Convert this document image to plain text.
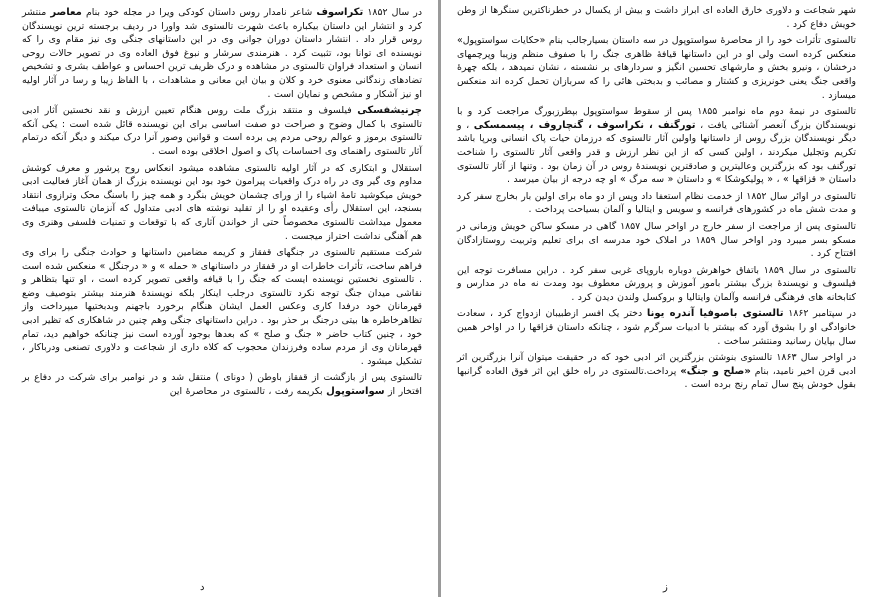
در سال ۱۸۵۲ تکراسوف شاعر نامدار روس داستان کودکی ویرا در مجله خود بنام معاصر منتشر کرد و انتشار این داستان بیکباره باعث شهرت تالستوی شد واورا در ردیف برجسته ترین نویسندگان روس قرار داد . انتشار داستان دوران جوانی وی در این داستانهای جنگی وی نیز مقام وی را که نویسنده ای توانا بود، تثبیت کرد . هنرمندی سرشار و نبوغ فوق العاده وی در تصویر حالات روحی انسان و استعداد فراوان تالستوی در مشاهده و درک ظریف ترین احساس و عواطف بشری و تشخیص تضادهای زندگانی معنوی خرد و کلان و بیان این معانی و مشاهدات ، با الفاظ زیبا و رسا در آثار اولیه او نیز آشکار و مشخص و نمایان است .

چرنیشفسکی فیلسوف و منتقد بزرگ ملت روس هنگام تعیین ارزش و نقد نخستین آثار ادبی تالستوی با کمال وضوح و صراحت دو صفت اساسی برای این نویسنده قائل شده است : یکی آنکه تالستوی برموز و عوالم روحی مردم پی برده است و قوانین وصور آنرا درک میکند و دیگر آنکه درتمام آثار تالستوی راهنمای وی احساسات پاک و اصول اخلاقی بوده است .

استقلال و ابتکاری که در آثار اولیه تالستوی مشاهده میشود انعکاس روح پرشور و معرف کوشش مداوم وی گیر وی در راه درک واقعیات پیرامون خود بود این نویسنده بزرگ از همان آغاز فعالیت ادبی خویش میکوشید تامهٔ اشیاء را از ورای چشمان خویش بنگرد و همه چیز را باسنگ محک وترازوی انتقاد بسنجد، این استقلال رأی وعقیده او را از تقلید نوشته های ادبی متداول که آنزمان تالستوی میبافت معمول میداشت تالستوی مخصوصاً حتی از خواندن آثاری که با توقعات و تمنیات فلسفی وهنری وی هم آهنگی نداشت احتراز میجست .

شرکت مستقیم تالستوی در جنگهای قفقاز و کریمه مضامین داستانها و حوادث جنگی را برای وی فراهم ساخت، تأثرات خاطرات او در قفقاز در داستانهای « حمله » و « درجنگل » منعکس شده است . تالستوی نخستین نویسنده ایست که جنگ را با قیافه واقعی تصویر کرده است ، او تنها بتظاهر و نقاشی میدان جنگ توجه نکرد تالستوی درجلب اینکار بلکه نویسندهٔ هنرمند بیشتر بتوصیف وضع قهرمانان خود درفدا کاری وعکس العمل ایشان هنگام برخورد باجهنم وبدبختیها میپرداخت واز تظاهرخاطره ها بیتی درجنگ بر حذر بود . دراین داستانهای جنگی وهم چنین در شاهکاری که تظیر ادبی خود ، چنین کتاب حاضر « جنگ و صلح » که بعدها بوجود آورده است نیز چنانکه خواهیم دید، تمام قهرمانان وی از مردم ساده وفرزندان محجوب که کلاه داری از شجاعت و دلاوری تصنعی ودرباکار ، تشکیل میشود .

تالستوی پس از بازگشت از قفقاز باوطن ( دونای ) منتقل شد و در نوامبر برای شرکت در دفاع بر افتخار از سواستوپول بکریمه رفت ، تالستوی در محاصرهٔ این

د

شهر شجاعت و دلاوری خارق العاده ای ابراز داشت و بیش از یکسال در خطرناکترین سنگرها از وطن خویش دفاع کرد .

تالستوی تأثرات خود را از محاصرهٔ سواستوپول در سه داستان بسیارجالب بنام «حکایات سواستوپول» منعکس کرده است ولی او در این داستانها قیافهٔ ظاهری جنگ را با صفوف منظم وزیبا وپرچمهای درخشان ، ونیرو بخش و مارشهای تحسین انگیز و سردارهای بر نشسته ، نشان نمیدهد ، بلکه چهرهٔ واقعی جنگ یعنی خونریزی و کشتار و مصائب و بدبختی هائی را که سربازان تحمل کرده اند منعکس میسازد .

تالستوی در نیمهٔ دوم ماه نوامبر ۱۸۵۵ پس از سقوط سواستوپول بپطرزبورگ مراجعت کرد و با نویسندگان بزرگ آنعصر آشنائی یافت ، تورگنف ، نکراسوف ، گنچاروف ، پیسمسکی ، و دیگر نویسندگان بزرگ روس از داستانها واولین آثار تالستوی که درزمان حیات پاک انسانی وبرپا باشد تکریم وتجلیل میکردند ، اولین کسی که از این نظر ارزش و قدر واقعی آثار تالستوی را شناخت تورگنف بود که بزرگترین وعالیترین و صادقترین نویسندهٔ روس در آن زمان بود . وتنها از آثار تالستوی داستان « قزاقها » ، « پولیکوشکا » و داستان « سه مرگ » او چه درجه از بیان میرسد .

تالستوی در اوائر سال ۱۸۵۲ از خدمت نظام استعفا داد وپس از دو ماه برای اولین بار بخارج سفر کرد و مدت شش ماه در کشورهای فرانسه و سویس و ایتالیا و آلمان بسیاحت پرداخت .

تالستوی پس از مراجعت از سفر خارج در اواخر سال ۱۸۵۷ گاهی در مسکو ساکن خویش وزمانی در مسکو بسر میبرد ودر اواخر سال ۱۸۵۹ در املاک خود مدرسه ای برای تعلیم وتربیت روستازادگان افتتاح کرد .

تالستوی در سال ۱۸۵۹ باتفاق خواهرش دوباره باروپای غربی سفر کرد . دراین مسافرت توجه این فیلسوف و نویسندهٔ بزرگ بیشتر بامور آموزش و پرورش معطوف بود ومدت نه ماه در مدارس و کتابخانه های فرهنگی فرانسه وآلمان وایتالیا و بروکسل ولندن دیدن کرد .

در سپتامبر ۱۸۶۲ تالستوی باصوفیا آندره یونا دختر یک افسر ازطبیبان ازدواج کرد ، سعادت خانوادگی او را بشوق آورد که بیشتر با ادبیات سرگرم شود ، چنانکه داستان قزاقها را در اواخر همین سال بپایان رسانید ومنتشر ساخت .

در اواخر سال ۱۸۶۳ تالستوی بنوشتن بزرگترین اثر ادبی خود که در حقیقت میتوان آنرا بزرگترین اثر ادبی قرن اخیر نامید، بنام «صلح و جنگ» پرداخت.تالستوی در راه خلق این اثر فوق العاده گرانبها بقول خودش پنج سال تمام رنج برده است .

ز
